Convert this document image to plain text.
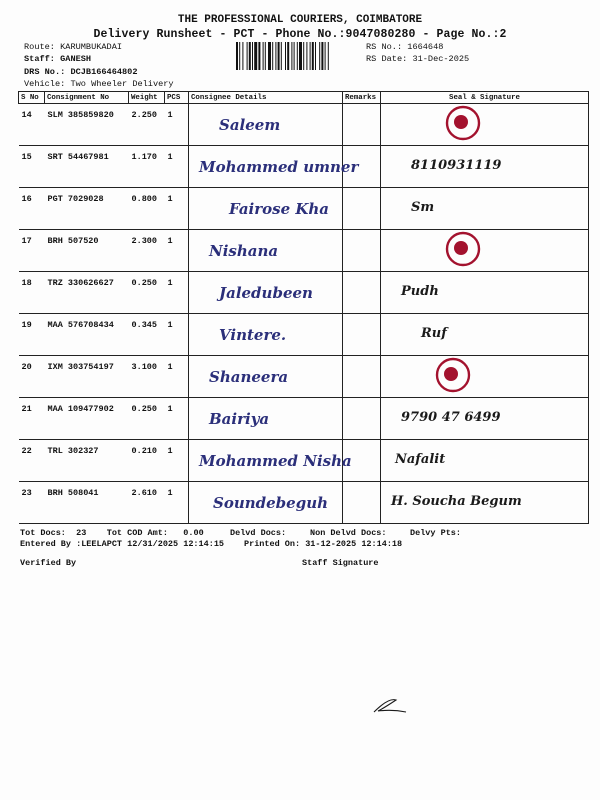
THE PROFESSIONAL COURIERS, COIMBATORE
Delivery Runsheet - PCT - Phone No.:9047080280 - Page No.:2
Route: KARUMBUKADAI
Staff: GANESH
DRS No.: DCJB166464802
Vehicle: Two Wheeler Delivery
RS No.: 1664648
RS Date: 31-Dec-2025
S No	Consignment No	Weight	PCS	Consignee Details	Remarks	Seal & Signature
14	SLM 385859820	2.250	1	Saleem

15	SRT 54467981	1.170	1	Mohammed umner		8110931119

16	PGT 7029028	0.800	1	Fairose Kha		Sm

17	BRH 507520	2.300	1	Nishana

18	TRZ 330626627	0.250	1	Jaledubeen		Pudh

19	MAA 576708434	0.345	1	Vintere.		Ruf

20	IXM 303754197	3.100	1	Shaneera

21	MAA 109477902	0.250	1	Bairiya		9790 47 6499

22	TRL 302327	0.210	1	Mohammed Nisha		Nafalit

23	BRH 508041	2.610	1	Soundebeguh		H. Soucha Begum
Tot Docs: 23 Tot COD Amt: 0.00	Delvd Docs:	Non Delvd Docs:	Delvy Pts:
Entered By :LEELAPCT 12/31/2025 12:14:15 Printed On: 31-12-2025 12:14:18
Verified By	Staff Signature
